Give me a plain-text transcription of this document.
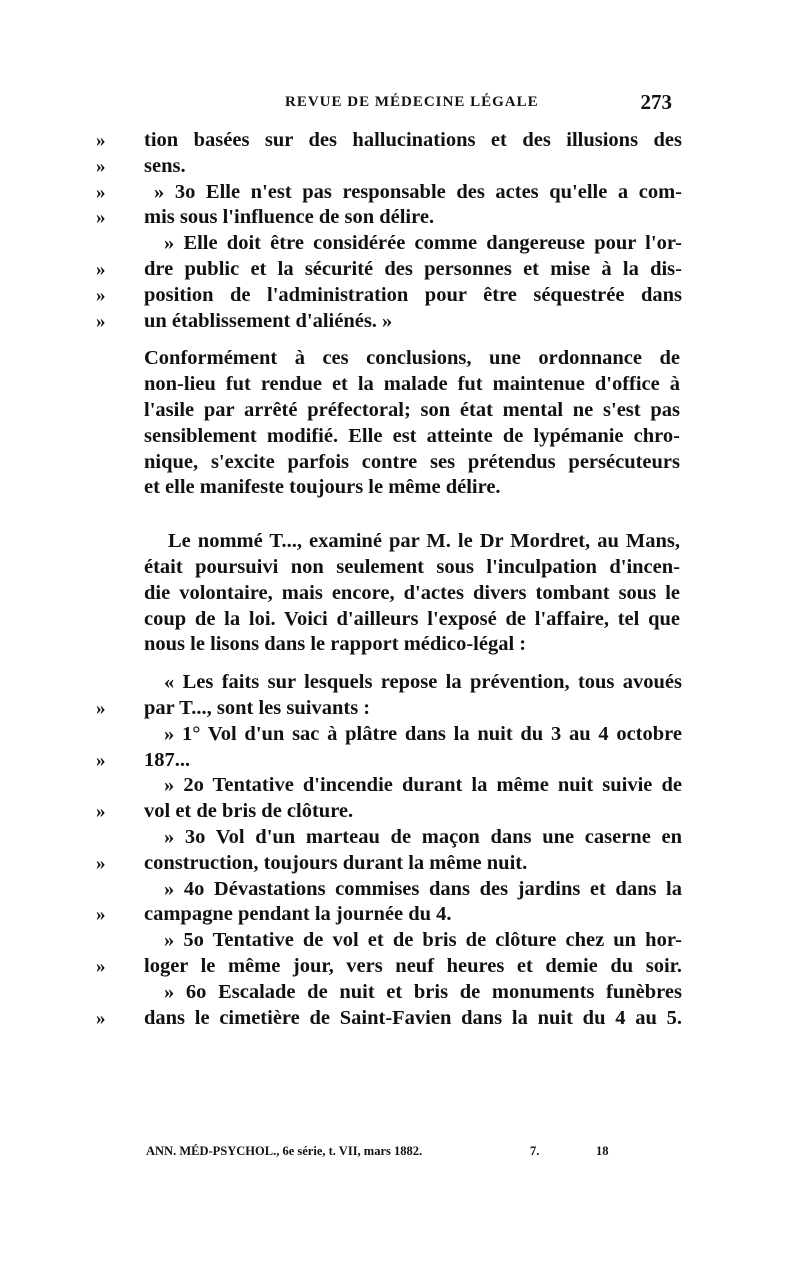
REVUE DE MÉDECINE LÉGALE	273
»	tion basées sur des hallucinations et des illusions des
»	sens.
»	» 3o Elle n'est pas responsable des actes qu'elle a com-
»	mis sous l'influence de son délire.
» Elle doit être considérée comme dangereuse pour l'or-
»	dre public et la sécurité des personnes et mise à la dis-
»	position de l'administration pour être séquestrée dans
»	un établissement d'aliénés. »
Conformément à ces conclusions, une ordonnance de
non-lieu fut rendue et la malade fut maintenue d'office à
l'asile par arrêté préfectoral; son état mental ne s'est pas
sensiblement modifié. Elle est atteinte de lypémanie chro-
nique, s'excite parfois contre ses prétendus persécuteurs
et elle manifeste toujours le même délire.
Le nommé T..., examiné par M. le Dr Mordret, au Mans,
était poursuivi non seulement sous l'inculpation d'incen-
die volontaire, mais encore, d'actes divers tombant sous le
coup de la loi. Voici d'ailleurs l'exposé de l'affaire, tel que
nous le lisons dans le rapport médico-légal :
« Les faits sur lesquels repose la prévention, tous avoués
»	par T..., sont les suivants :
» 1° Vol d'un sac à plâtre dans la nuit du 3 au 4 octobre
»	187...
» 2o Tentative d'incendie durant la même nuit suivie de
»	vol et de bris de clôture.
» 3o Vol d'un marteau de maçon dans une caserne en
»	construction, toujours durant la même nuit.
» 4o Dévastations commises dans des jardins et dans la
»	campagne pendant la journée du 4.
» 5o Tentative de vol et de bris de clôture chez un hor-
»	loger le même jour, vers neuf heures et demie du soir.
» 6o Escalade de nuit et bris de monuments funèbres
»	dans le cimetière de Saint-Favien dans la nuit du 4 au 5.
ANN. MÉD-PSYCHOL., 6e série, t. VII, mars 1882.	7.	18
